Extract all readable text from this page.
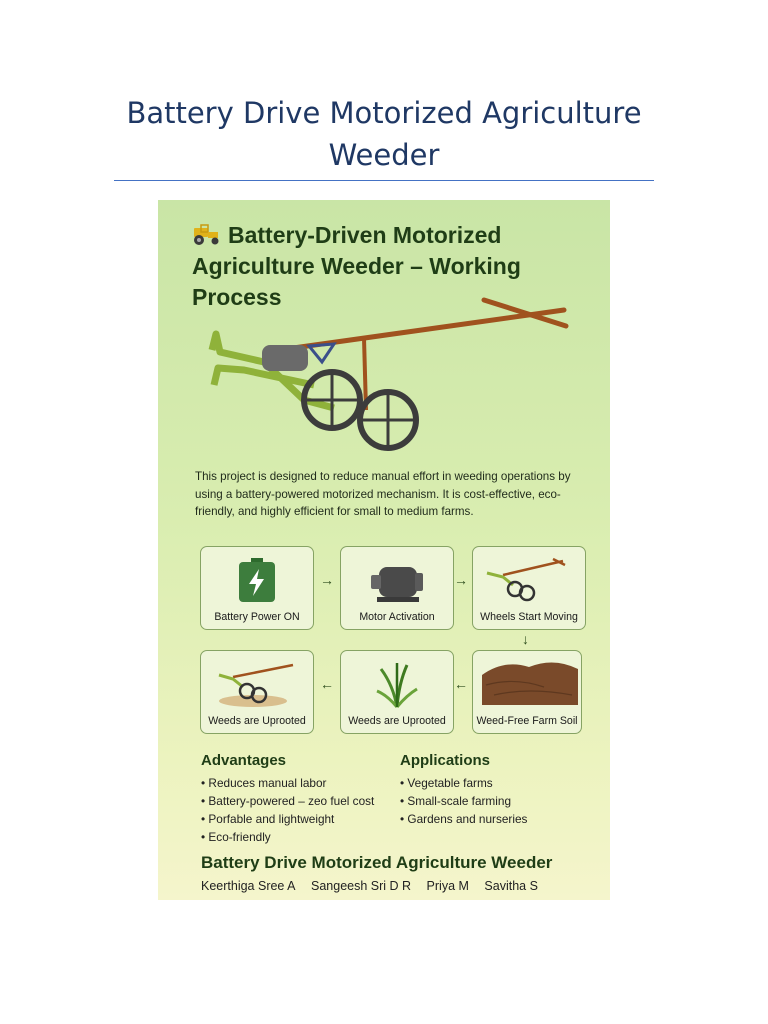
Battery Drive Motorized Agriculture Weeder
Battery-Driven Motorized Agriculture Weeder – Working Process

This project is designed to reduce manual effort in weeding operations by using a battery-powered motorized mechanism. It is cost-effective, eco-friendly, and highly efficient for small to medium farms.

Battery Power ON
→
Motor Activation
→
Wheels Start Moving
↓
Weed-Free Farm Soil
←
Weeds are Uprooted
←
Weeds are Uprooted
Advantages
• Reduces manual labor
• Battery-powered – zeo fuel cost
• Porfable and lightweight
• Eco-friendly
Applications
• Vegetable farms
• Small-scale farming
• Gardens and nurseries
Battery Drive Motorized Agriculture Weeder
Keerthiga Sree A Sangeesh Sri D R Priya M Savitha S
